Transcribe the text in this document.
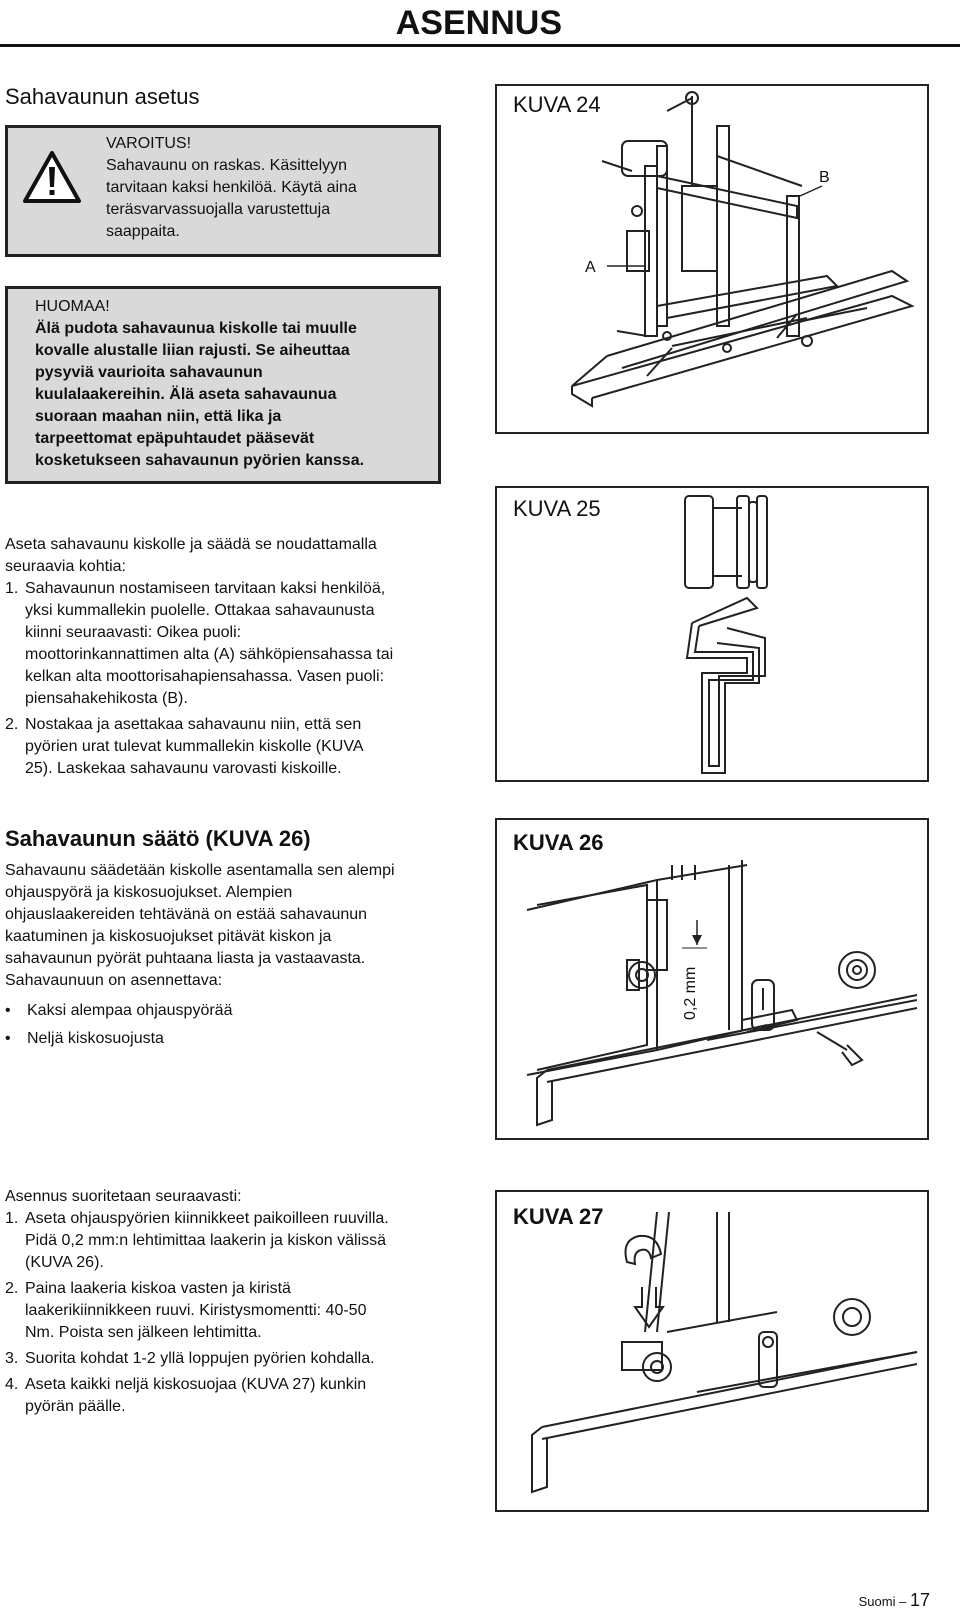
ASENNUS
Sahavaunun asetus
VAROITUS!
Sahavaunu on raskas. Käsittelyyn
tarvitaan kaksi henkilöä. Käytä aina
teräsvarvassuojalla varustettuja
saappaita.
HUOMAA!
Älä pudota sahavaunua kiskolle tai muulle
kovalle alustalle liian rajusti. Se aiheuttaa
pysyviä vaurioita sahavaunun
kuulalaakereihin. Älä aseta sahavaunua
suoraan maahan niin, että lika ja
tarpeettomat epäpuhtaudet pääsevät
kosketukseen sahavaunun pyörien kanssa.
Aseta sahavaunu kiskolle ja säädä se noudattamalla
seuraavia kohtia:
1. Sahavaunun nostamiseen tarvitaan kaksi henkilöä,
yksi kummallekin puolelle. Ottakaa sahavaunusta
kiinni seuraavasti: Oikea puoli:
moottorinkannattimen alta (A) sähköpiensahassa tai
kelkan alta moottorisahapiensahassa. Vasen puoli:
piensahakehikosta (B).
2. Nostakaa ja asettakaa sahavaunu niin, että sen
pyörien urat tulevat kummallekin kiskolle (KUVA
25). Laskekaa sahavaunu varovasti kiskoille.
Sahavaunun säätö (KUVA 26)
Sahavaunu säädetään kiskolle asentamalla sen alempi
ohjauspyörä ja kiskosuojukset. Alempien
ohjauslaakereiden tehtävänä on estää sahavaunun
kaatuminen ja kiskosuojukset pitävät kiskon ja
sahavaunun pyörät puhtaana liasta ja vastaavasta.
Sahavaunuun on asennettava:
•	Kaksi alempaa ohjauspyörää
•	Neljä kiskosuojusta
Asennus suoritetaan seuraavasti:
1. Aseta ohjauspyörien kiinnikkeet paikoilleen ruuvilla.
Pidä 0,2 mm:n lehtimittaa laakerin ja kiskon välissä
(KUVA 26).
2. Paina laakeria kiskoa vasten ja kiristä
laakerikiinnikkeen ruuvi. Kiristysmomentti: 40-50
Nm. Poista sen jälkeen lehtimitta.
3. Suorita kohdat 1-2 yllä loppujen pyörien kohdalla.
4. Aseta kaikki neljä kiskosuojaa (KUVA 27) kunkin
pyörän päälle.
KUVA 24
A
B
KUVA 25
KUVA 26
0,2 mm
KUVA 27
Suomi – 17
